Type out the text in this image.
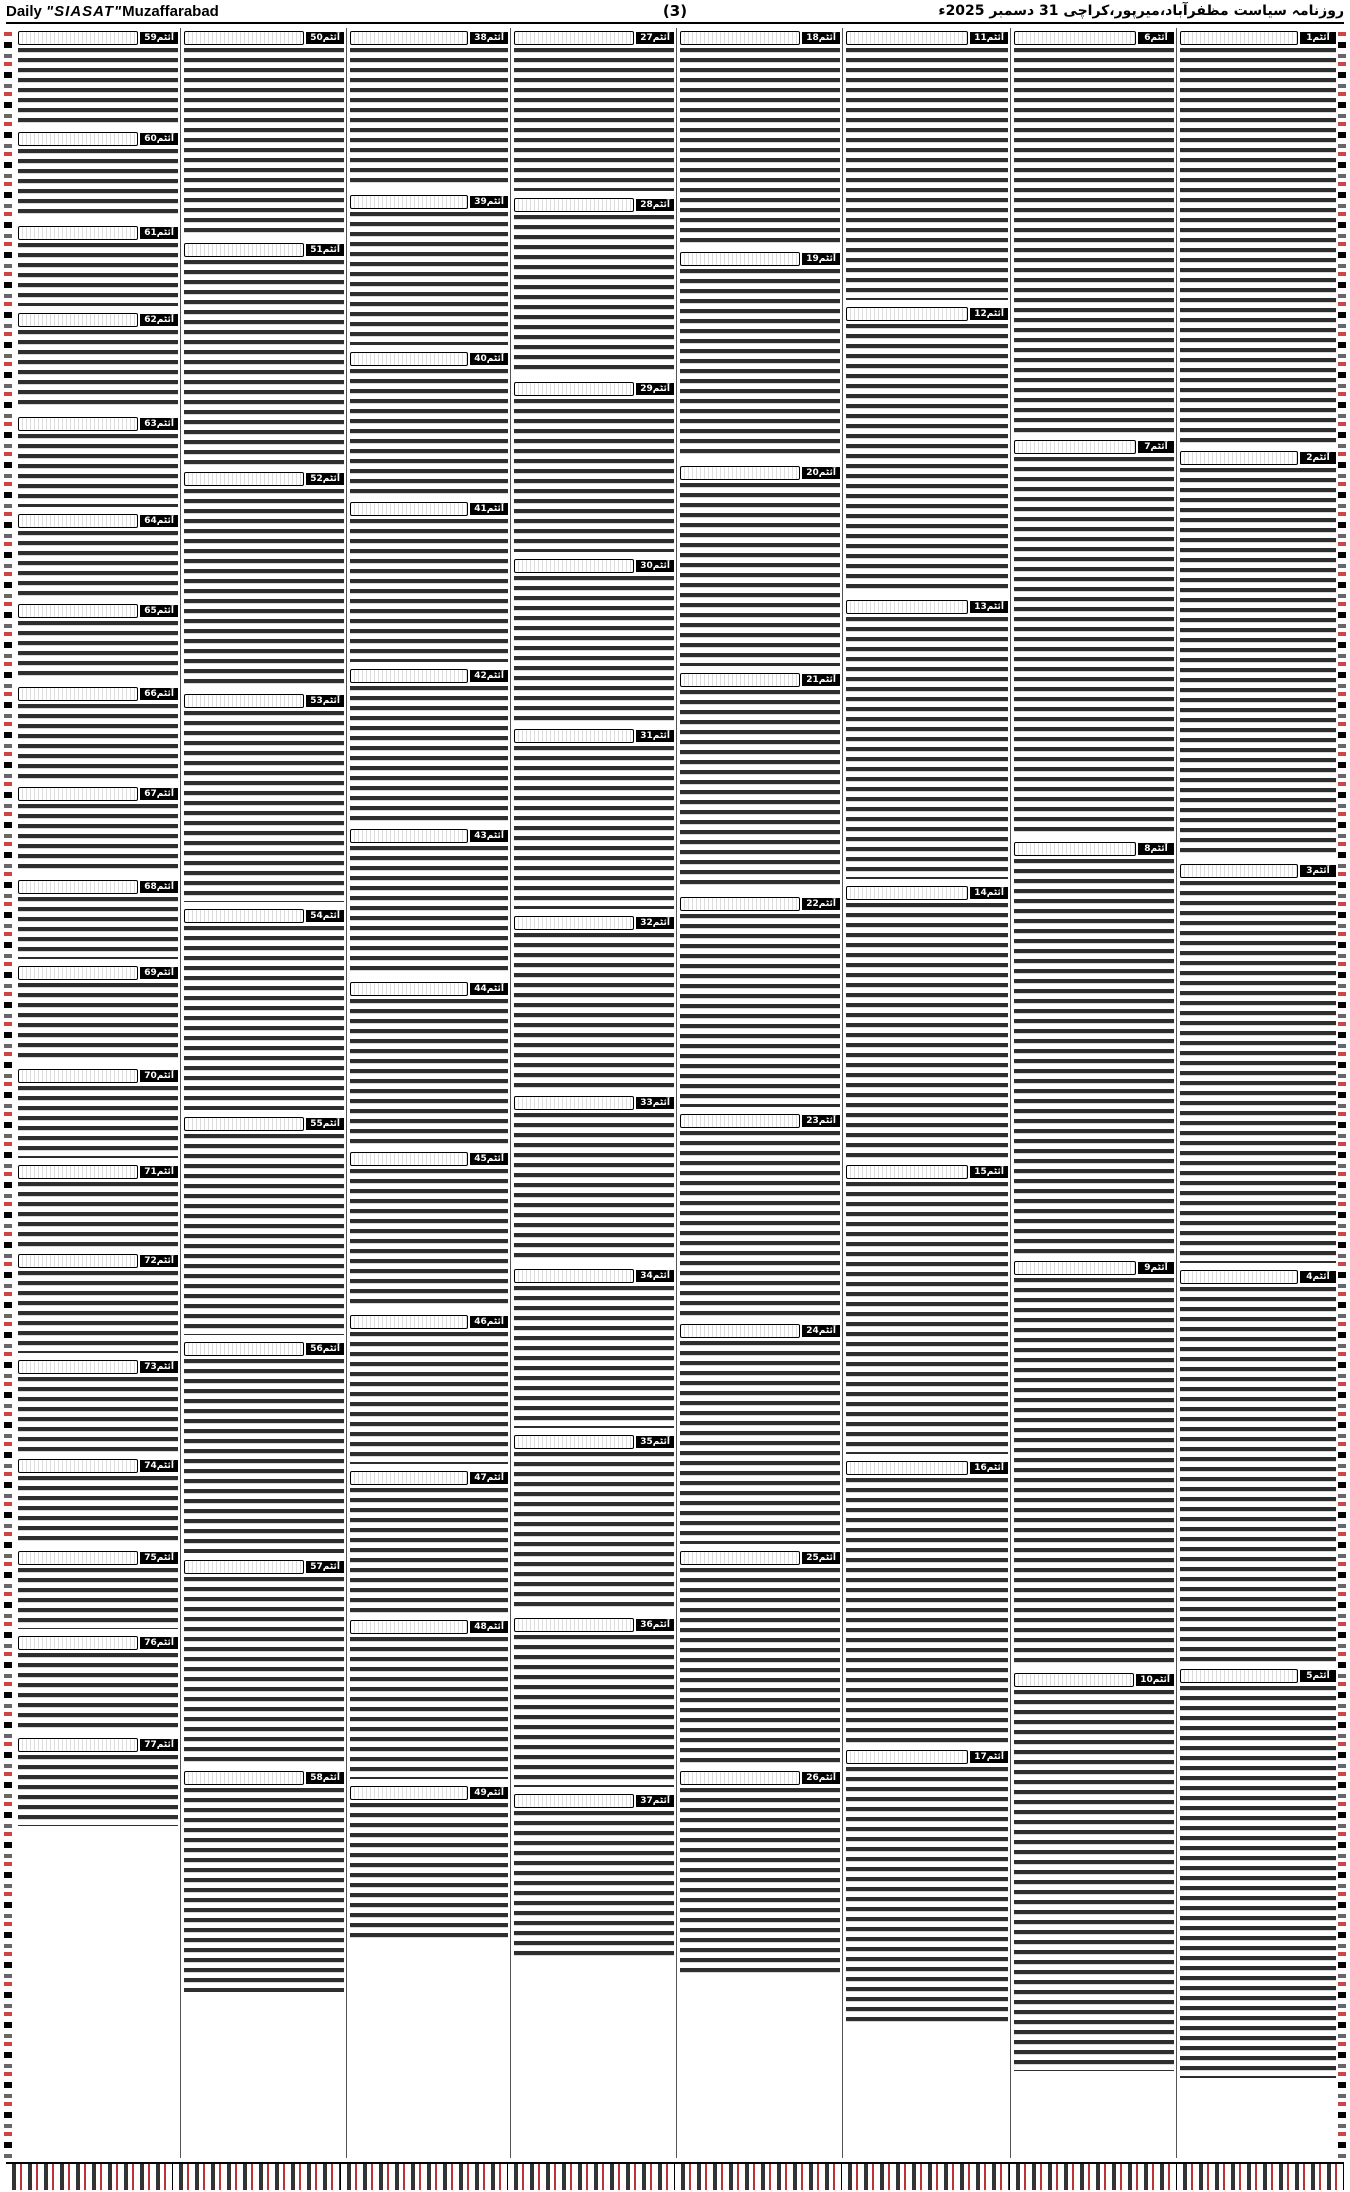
Daily "SIASAT"Muzaffarabad	(3)	روزنامہ سیاست مظفرآباد،میرپور،کراچی 31 دسمبر 2025ء
آئٹم1
آئٹم2
آئٹم3
آئٹم4
آئٹم5
آئٹم6
آئٹم7
آئٹم8
آئٹم9
آئٹم10
آئٹم11
آئٹم12
آئٹم13
آئٹم14
آئٹم15
آئٹم16
آئٹم17
آئٹم18
آئٹم19
آئٹم20
آئٹم21
آئٹم22
آئٹم23
آئٹم24
آئٹم25
آئٹم26
آئٹم27
آئٹم28
آئٹم29
آئٹم30
آئٹم31
آئٹم32
آئٹم33
آئٹم34
آئٹم35
آئٹم36
آئٹم37
آئٹم38
آئٹم39
آئٹم40
آئٹم41
آئٹم42
آئٹم43
آئٹم44
آئٹم45
آئٹم46
آئٹم47
آئٹم48
آئٹم49
آئٹم50
آئٹم51
آئٹم52
آئٹم53
آئٹم54
آئٹم55
آئٹم56
آئٹم57
آئٹم58
آئٹم59
آئٹم60
آئٹم61
آئٹم62
آئٹم63
آئٹم64
آئٹم65
آئٹم66
آئٹم67
آئٹم68
آئٹم69
آئٹم70
آئٹم71
آئٹم72
آئٹم73
آئٹم74
آئٹم75
آئٹم76
آئٹم77
